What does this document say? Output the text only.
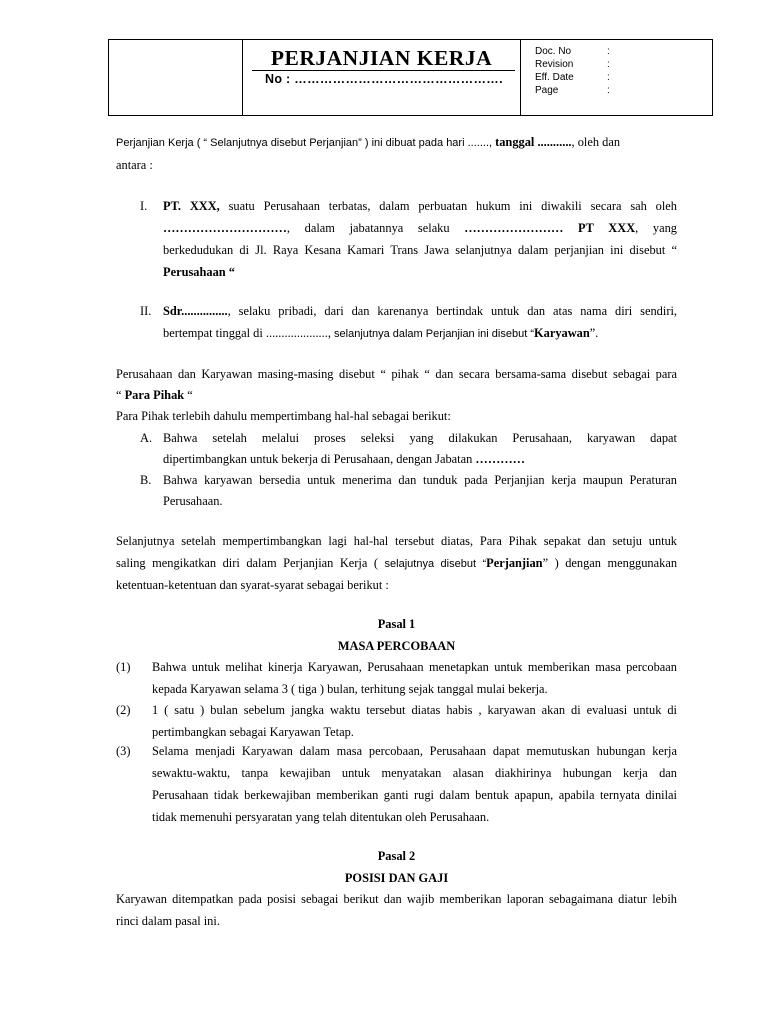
PERJANJIAN KERJA
No : ………………………………………….
Doc. No	:
Revision	:
Eff. Date	:
Page	:
Perjanjian Kerja ( “ Selanjutnya disebut Perjanjian” ) ini dibuat pada hari ......., tanggal ..........., oleh dan
antara :
I. PT. XXX, suatu Perusahaan terbatas, dalam perbuatan hukum ini diwakili secara sah oleh
…………………………, dalam jabatannya selaku …………………… PT XXX, yang
berkedudukan di Jl. Raya Kesana Kamari Trans Jawa selanjutnya dalam perjanjian ini disebut “
Perusahaan “
II. Sdr..............., selaku pribadi, dari dan karenanya bertindak untuk dan atas nama diri sendiri,
bertempat tinggal di ...................., selanjutnya dalam Perjanjian ini disebut “Karyawan”.
Perusahaan dan Karyawan masing-masing disebut “ pihak “ dan secara bersama-sama disebut sebagai para
“ Para Pihak “
Para Pihak terlebih dahulu mempertimbang hal-hal sebagai berikut:
A. Bahwa setelah melalui proses seleksi yang dilakukan Perusahaan, karyawan dapat
dipertimbangkan untuk bekerja di Perusahaan, dengan Jabatan …………
B. Bahwa karyawan bersedia untuk menerima dan tunduk pada Perjanjian kerja maupun Peraturan
Perusahaan.
Selanjutnya setelah mempertimbangkan lagi hal-hal tersebut diatas, Para Pihak sepakat dan setuju untuk
saling mengikatkan diri dalam Perjanjian Kerja ( selajutnya disebut “Perjanjian” ) dengan menggunakan
ketentuan-ketentuan dan syarat-syarat sebagai berikut :
Pasal 1
MASA PERCOBAAN
(1) Bahwa untuk melihat kinerja Karyawan, Perusahaan menetapkan untuk memberikan masa percobaan
kepada Karyawan selama 3 ( tiga ) bulan, terhitung sejak tanggal mulai bekerja.
(2) 1 ( satu ) bulan sebelum jangka waktu tersebut diatas habis , karyawan akan di evaluasi untuk di
pertimbangkan sebagai Karyawan Tetap.
(3) Selama menjadi Karyawan dalam masa percobaan, Perusahaan dapat memutuskan hubungan kerja
sewaktu-waktu, tanpa kewajiban untuk menyatakan alasan diakhirinya hubungan kerja dan
Perusahaan tidak berkewajiban memberikan ganti rugi dalam bentuk apapun, apabila ternyata dinilai
tidak memenuhi persyaratan yang telah ditentukan oleh Perusahaan.
Pasal 2
POSISI DAN GAJI
Karyawan ditempatkan pada posisi sebagai berikut dan wajib memberikan laporan sebagaimana diatur lebih
rinci dalam pasal ini.
